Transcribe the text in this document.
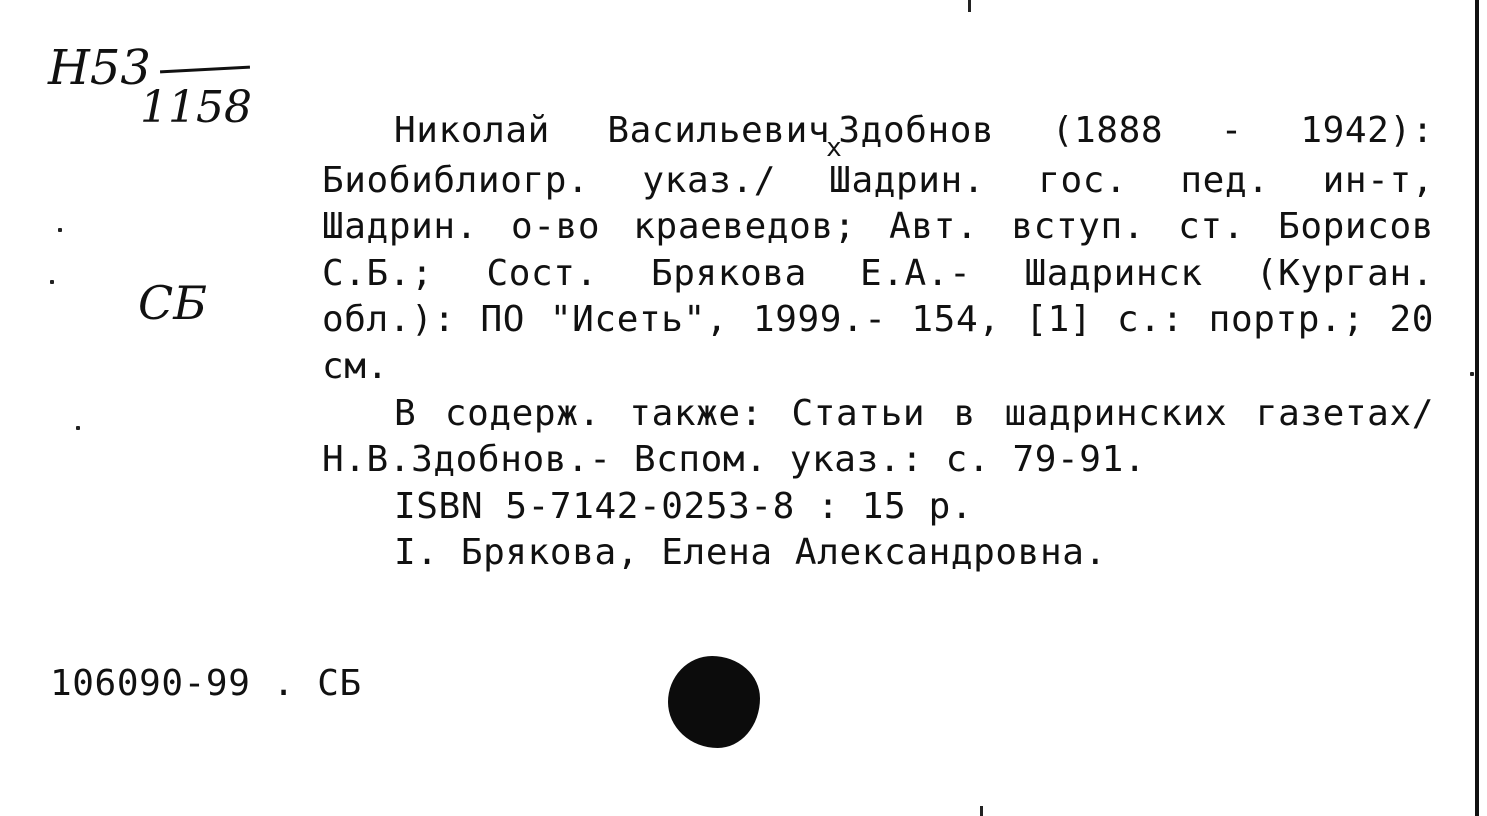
Н53
1158
СБ

Николай Васильевич$_x$Здобнов (1888 - 1942): Биобиблиогр. указ./ Шадрин. гос. пед. ин-т, Шадрин. о-во краеведов; Авт. вступ. ст. Борисов С.Б.; Сост. Брякова Е.А.- Шадринск (Курган. обл.): ПО "Исеть", 1999.- 154, [1] с.: портр.; 20 см.

В содерж. также: Статьи в шадринских газетах/ Н.В.Здобнов.- Вспом. указ.: с. 79-91.

ISBN 5-7142-0253-8 : 15 р.

I. Брякова, Елена Александровна.

106090-99 . СБ
